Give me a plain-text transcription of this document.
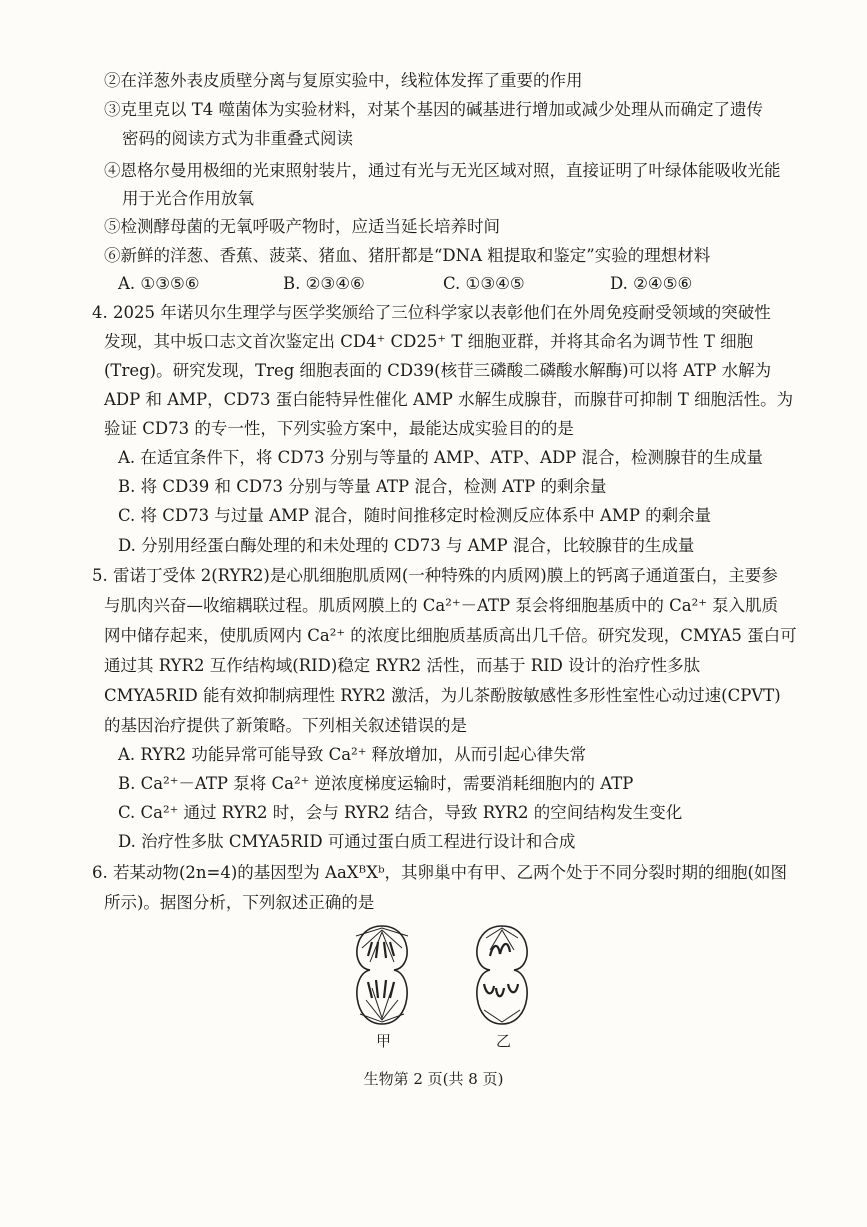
②在洋葱外表皮质壁分离与复原实验中，线粒体发挥了重要的作用
③克里克以 T4 噬菌体为实验材料，对某个基因的碱基进行增加或减少处理从而确定了遗传
密码的阅读方式为非重叠式阅读
④恩格尔曼用极细的光束照射装片，通过有光与无光区域对照，直接证明了叶绿体能吸收光能
用于光合作用放氧
⑤检测酵母菌的无氧呼吸产物时，应适当延长培养时间
⑥新鲜的洋葱、香蕉、菠菜、猪血、猪肝都是“DNA 粗提取和鉴定”实验的理想材料
A. ①③⑤⑥	B. ②③④⑥	C. ①③④⑤	D. ②④⑤⑥
4. 2025 年诺贝尔生理学与医学奖颁给了三位科学家以表彰他们在外周免疫耐受领域的突破性
发现，其中坂口志文首次鉴定出 CD4⁺ CD25⁺ T 细胞亚群，并将其命名为调节性 T 细胞
(Treg)。研究发现，Treg 细胞表面的 CD39(核苷三磷酸二磷酸水解酶)可以将 ATP 水解为
ADP 和 AMP，CD73 蛋白能特异性催化 AMP 水解生成腺苷，而腺苷可抑制 T 细胞活性。为
验证 CD73 的专一性，下列实验方案中，最能达成实验目的的是
A. 在适宜条件下，将 CD73 分别与等量的 AMP、ATP、ADP 混合，检测腺苷的生成量
B. 将 CD39 和 CD73 分别与等量 ATP 混合，检测 ATP 的剩余量
C. 将 CD73 与过量 AMP 混合，随时间推移定时检测反应体系中 AMP 的剩余量
D. 分别用经蛋白酶处理的和未处理的 CD73 与 AMP 混合，比较腺苷的生成量
5. 雷诺丁受体 2(RYR2)是心肌细胞肌质网(一种特殊的内质网)膜上的钙离子通道蛋白，主要参
与肌肉兴奋—收缩耦联过程。肌质网膜上的 Ca²⁺－ATP 泵会将细胞基质中的 Ca²⁺ 泵入肌质
网中储存起来，使肌质网内 Ca²⁺ 的浓度比细胞质基质高出几千倍。研究发现，CMYA5 蛋白可
通过其 RYR2 互作结构域(RID)稳定 RYR2 活性，而基于 RID 设计的治疗性多肽
CMYA5RID 能有效抑制病理性 RYR2 激活，为儿茶酚胺敏感性多形性室性心动过速(CPVT)
的基因治疗提供了新策略。下列相关叙述错误的是
A. RYR2 功能异常可能导致 Ca²⁺ 释放增加，从而引起心律失常
B. Ca²⁺－ATP 泵将 Ca²⁺ 逆浓度梯度运输时，需要消耗细胞内的 ATP
C. Ca²⁺ 通过 RYR2 时，会与 RYR2 结合，导致 RYR2 的空间结构发生变化
D. 治疗性多肽 CMYA5RID 可通过蛋白质工程进行设计和合成
6. 若某动物(2n=4)的基因型为 AaXᴮXᵇ，其卵巢中有甲、乙两个处于不同分裂时期的细胞(如图
所示)。据图分析，下列叙述正确的是
甲	乙
生物第 2 页(共 8 页)
